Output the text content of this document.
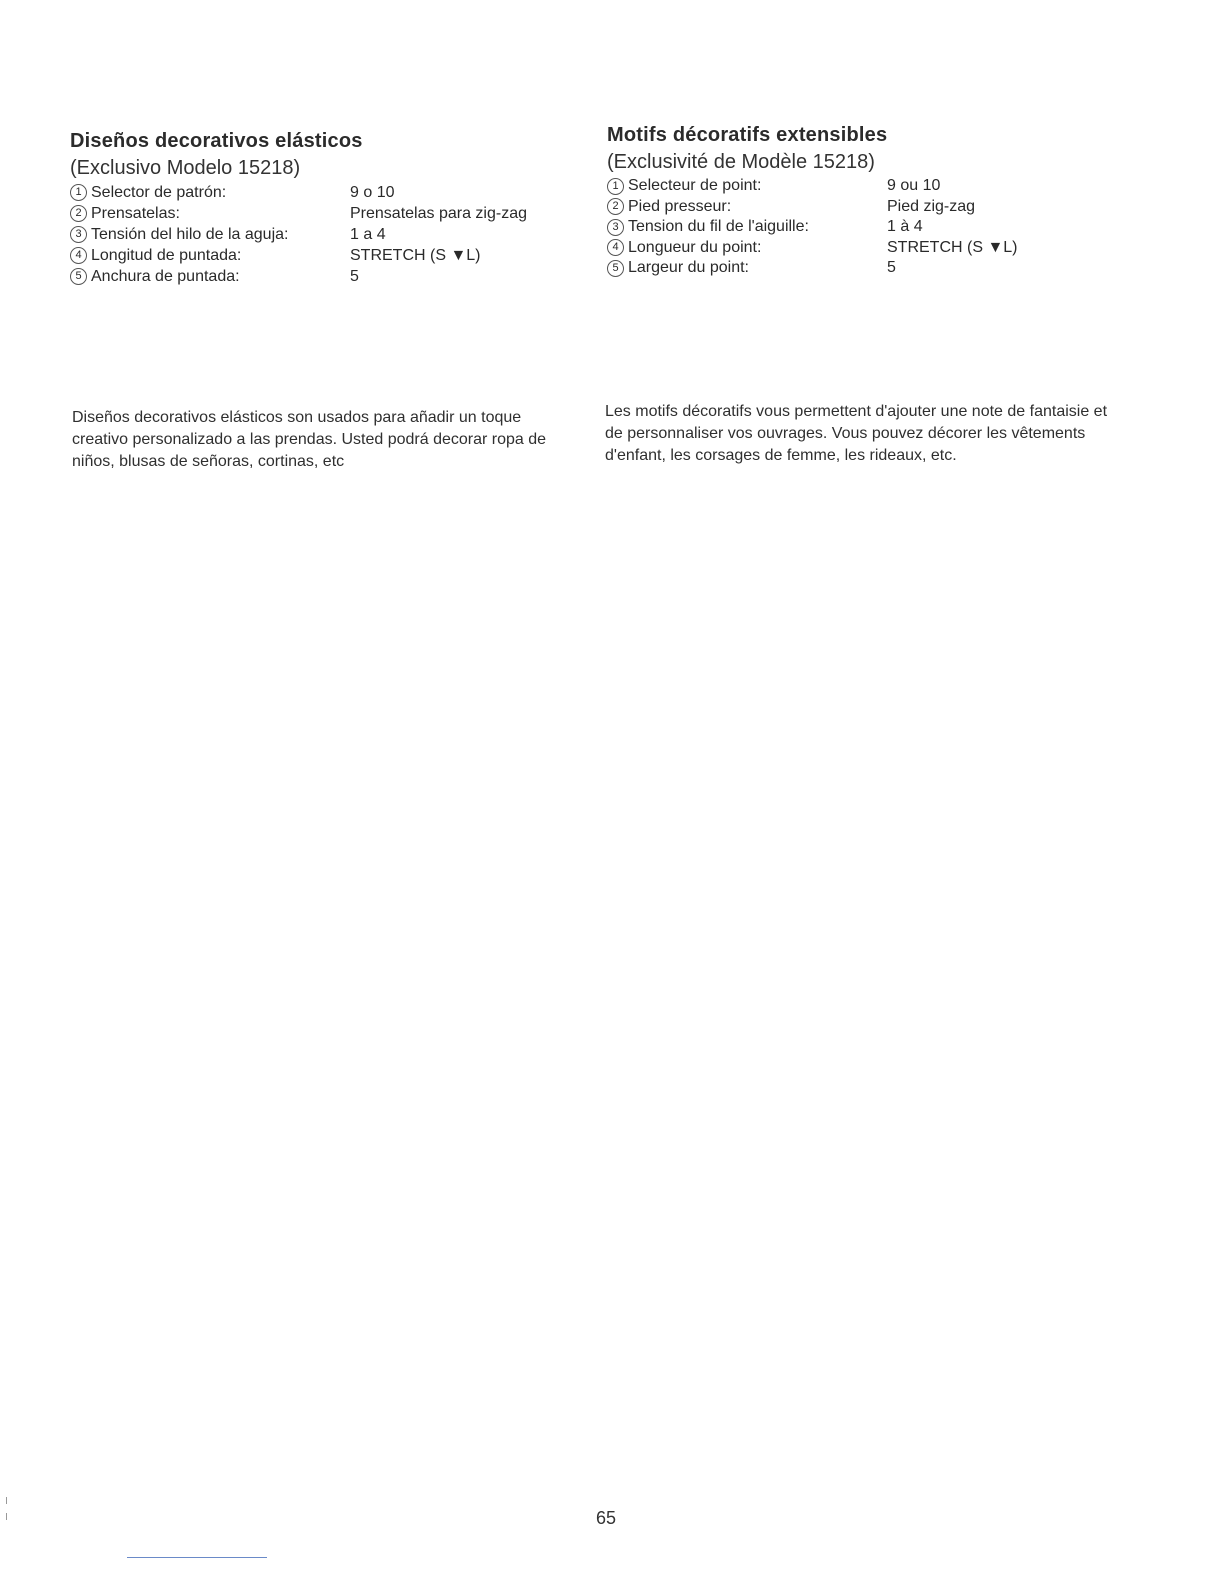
Diseños decorativos elásticos
(Exclusivo Modelo 15218)
1 Selector de patrón:	9 o 10
2 Prensatelas:	Prensatelas para zig-zag
3 Tensión del hilo de la aguja:	1 a 4
4 Longitud de puntada:	STRETCH (S ▼L)
5 Anchura de puntada:	5
Motifs décoratifs extensibles
(Exclusivité de Modèle 15218)
1 Selecteur de point:	9 ou 10
2 Pied presseur:	Pied zig-zag
3 Tension du fil de l'aiguille:	1 à 4
4 Longueur du point:	STRETCH (S ▼L)
5 Largeur du point:	5

Diseños decorativos elásticos son usados para añadir un toque creativo personalizado a las prendas. Usted podrá decorar ropa de niños, blusas de señoras, cortinas, etc

Les motifs décoratifs vous permettent d'ajouter une note de fantaisie et de personnaliser vos ouvrages. Vous pouvez décorer les vêtements d'enfant, les corsages de femme, les rideaux, etc.

65
